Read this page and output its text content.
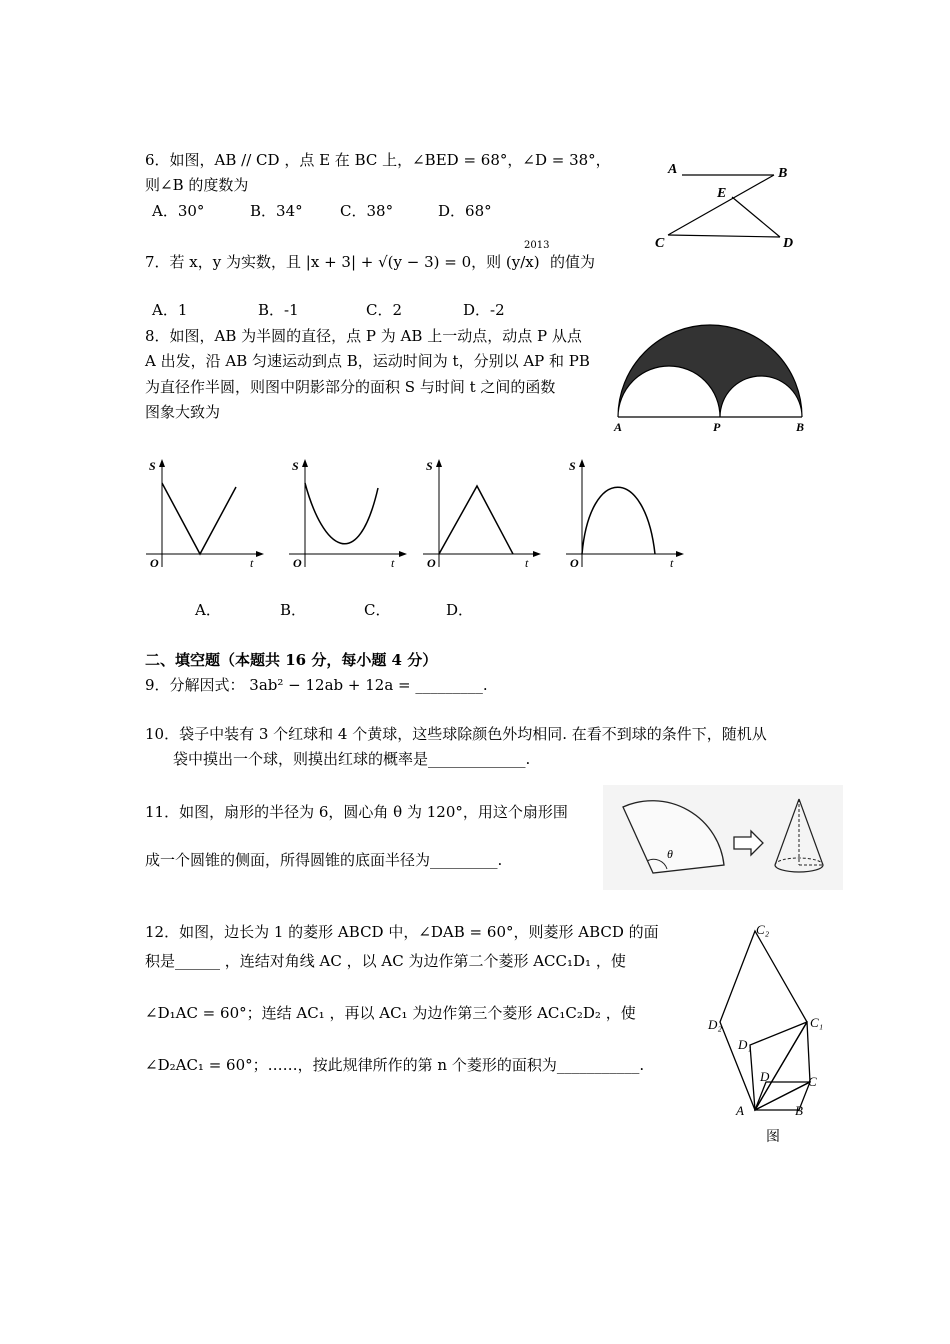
6．如图，AB // CD ，点 E 在 BC 上，∠BED = 68°，∠D = 38°，
则∠B 的度数为
A．30°	B．34° C．38°	D．68°
A	B
E
C	D
7．若 x，y 为实数，且 |x + 3| + √(y − 3) = 0，则 (y/x)
2013
的值为
A．1	B．-1	C．2	D．-2
8．如图，AB 为半圆的直径，点 P 为 AB 上一动点，动点 P 从点
A 出发，沿 AB 匀速运动到点 B，运动时间为 t，分别以 AP 和 PB
为直径作半圆，则图中阴影部分的面积 S 与时间 t 之间的函数
图象大致为
A	P	B
S
t
O
S
t
O
S
t
O
S
t
O
A．	B．	C．	D．
二、填空题（本题共 16 分，每小题 4 分）
9．分解因式： 3ab² − 12ab + 12a = _________.
10．袋子中装有 3 个红球和 4 个黄球，这些球除颜色外均相同. 在看不到球的条件下，随机从
袋中摸出一个球，则摸出红球的概率是_____________.
11．如图，扇形的半径为 6，圆心角 θ 为 120°，用这个扇形围
成一个圆锥的侧面，所得圆锥的底面半径为_________.	θ
12．如图，边长为 1 的菱形 ABCD 中，∠DAB = 60°，则菱形 ABCD 的面
积是______ ，连结对角线 AC ，以 AC 为边作第二个菱形 ACC₁D₁ ，使
∠D₁AC = 60°；连结 AC₁ ，再以 AC₁ 为边作第三个菱形 AC₁C₂D₂ ，使
∠D₂AC₁ = 60°；……，按此规律所作的第 n 个菱形的面积为___________.
C₂
D₂	C₁
D₁
D	C
A	B
图
